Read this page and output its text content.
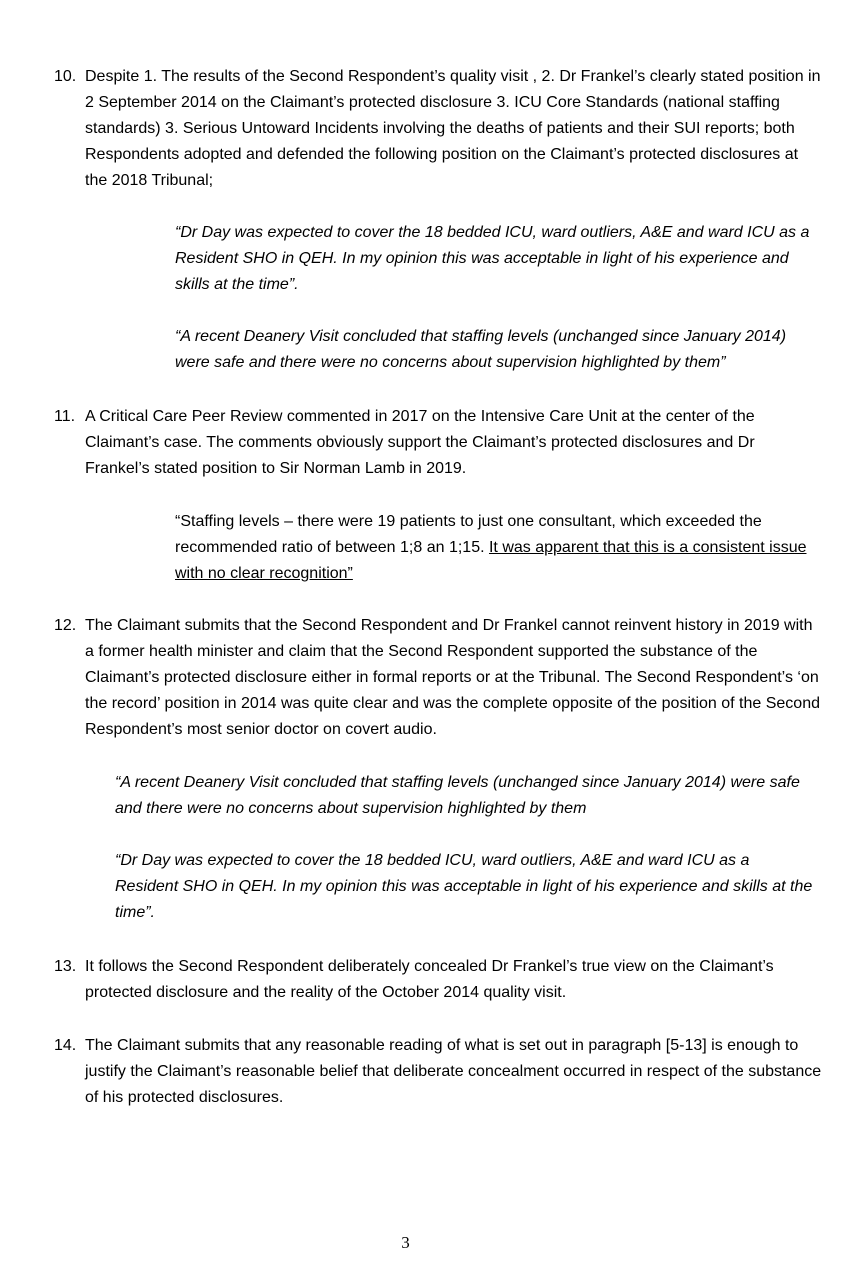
10. Despite 1. The results of the Second Respondent’s quality visit , 2. Dr Frankel’s clearly stated position in 2 September 2014 on the Claimant’s protected disclosure 3. ICU Core Standards (national staffing standards) 3. Serious Untoward Incidents involving the deaths of patients and their SUI reports; both Respondents adopted and defended the following position on the Claimant’s protected disclosures at the 2018 Tribunal;

“Dr Day was expected to cover the 18 bedded ICU, ward outliers, A&E and ward ICU as a Resident SHO in QEH. In my opinion this was acceptable in light of his experience and skills at the time”.

“A recent Deanery Visit concluded that staffing levels (unchanged since January 2014) were safe and there were no concerns about supervision highlighted by them”

11. A Critical Care Peer Review commented in 2017 on the Intensive Care Unit at the center of the Claimant’s case. The comments obviously support the Claimant’s protected disclosures and Dr Frankel’s stated position to Sir Norman Lamb in 2019.

“Staffing levels – there were 19 patients to just one consultant, which exceeded the recommended ratio of between 1;8 an 1;15. It was apparent that this is a consistent issue with no clear recognition”

12. The Claimant submits that the Second Respondent and Dr Frankel cannot reinvent history in 2019 with a former health minister and claim that the Second Respondent supported the substance of the Claimant’s protected disclosure either in formal reports or at the Tribunal. The Second Respondent’s ‘on the record’ position in 2014 was quite clear and was the complete opposite of the position of the Second Respondent’s most senior doctor on covert audio.

“A recent Deanery Visit concluded that staffing levels (unchanged since January 2014) were safe and there were no concerns about supervision highlighted by them

“Dr Day was expected to cover the 18 bedded ICU, ward outliers, A&E and ward ICU as a Resident SHO in QEH. In my opinion this was acceptable in light of his experience and skills at the time”.

13. It follows the Second Respondent deliberately concealed Dr Frankel’s true view on the Claimant’s protected disclosure and the reality of the October 2014 quality visit.
14. The Claimant submits that any reasonable reading of what is set out in paragraph [5-13] is enough to justify the Claimant’s reasonable belief that deliberate concealment occurred in respect of the substance of his protected disclosures.
3
